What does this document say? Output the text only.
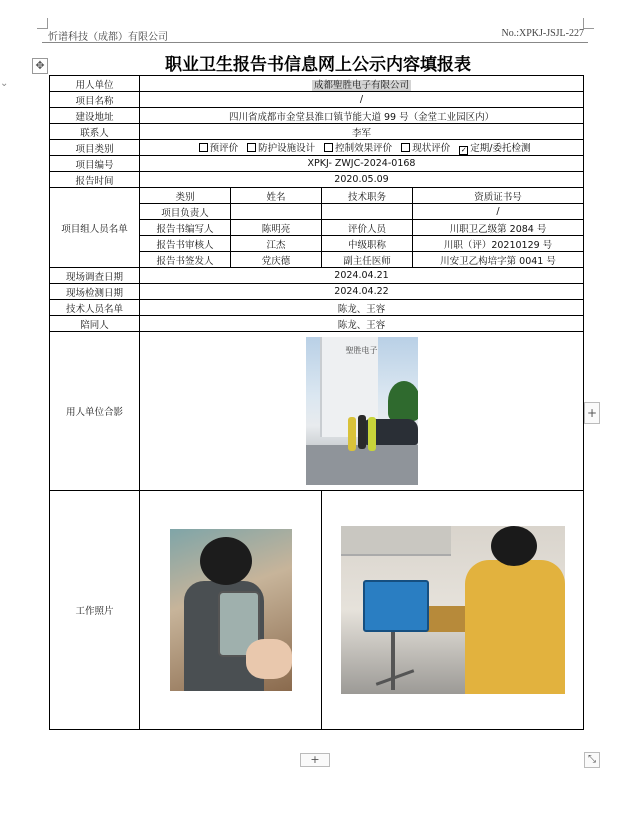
忻谱科技（成都）有限公司	No.:XPKJ-JSJL-227
⌄
✥	职业卫生报告书信息网上公示内容填报表
用人单位	成都聖胜电子有限公司			
项目名称	/			
建设地址	四川省成都市金堂县淮口镇节能大道 99 号（金堂工业园区内）			
联系人	李军			
项目类别	预评价 防护设施设计 控制效果评价 现状评价 ✓ 定期/委托检测			
项目编号	XPKJ- ZWJC-2024-0168			
报告时间	2020.05.09			
项目组人员名单	类别	姓名	技术职务	资质证书号
	项目负责人			/
	报告书编写人	陈明亮	评价人员	川职卫乙级第 2084 号
	报告书审核人	江杰	中级职称	川职（评）20210129 号
	报告书签发人	党庆德	副主任医师	川安卫乙构培字第 0041 号
现场调查日期	2024.04.21			
现场检测日期	2024.04.22			
技术人员名单	陈龙、王容			
陪同人	陈龙、王容			
用人单位合影	聖胜电子			

工作照片			

+
+	⤡
